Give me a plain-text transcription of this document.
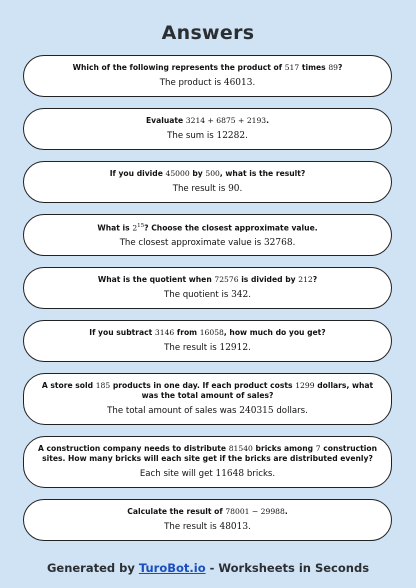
Answers
Which of the following represents the product of 517 times 89?
The product is 46013.
Evaluate 3214 + 6875 + 2193.
The sum is 12282.
If you divide 45000 by 500, what is the result?
The result is 90.
What is $2^{15}$? Choose the closest approximate value.
The closest approximate value is 32768.
What is the quotient when 72576 is divided by 212?
The quotient is 342.
If you subtract 3146 from 16058, how much do you get?
The result is 12912.
A store sold 185 products in one day. If each product costs 1299 dollars, what was the total amount of sales?
The total amount of sales was 240315 dollars.
A construction company needs to distribute 81540 bricks among 7 construction sites. How many bricks will each site get if the bricks are distributed evenly?
Each site will get 11648 bricks.
Calculate the result of 78001 − 29988.
The result is 48013.
Generated by TuroBot.io - Worksheets in Seconds
